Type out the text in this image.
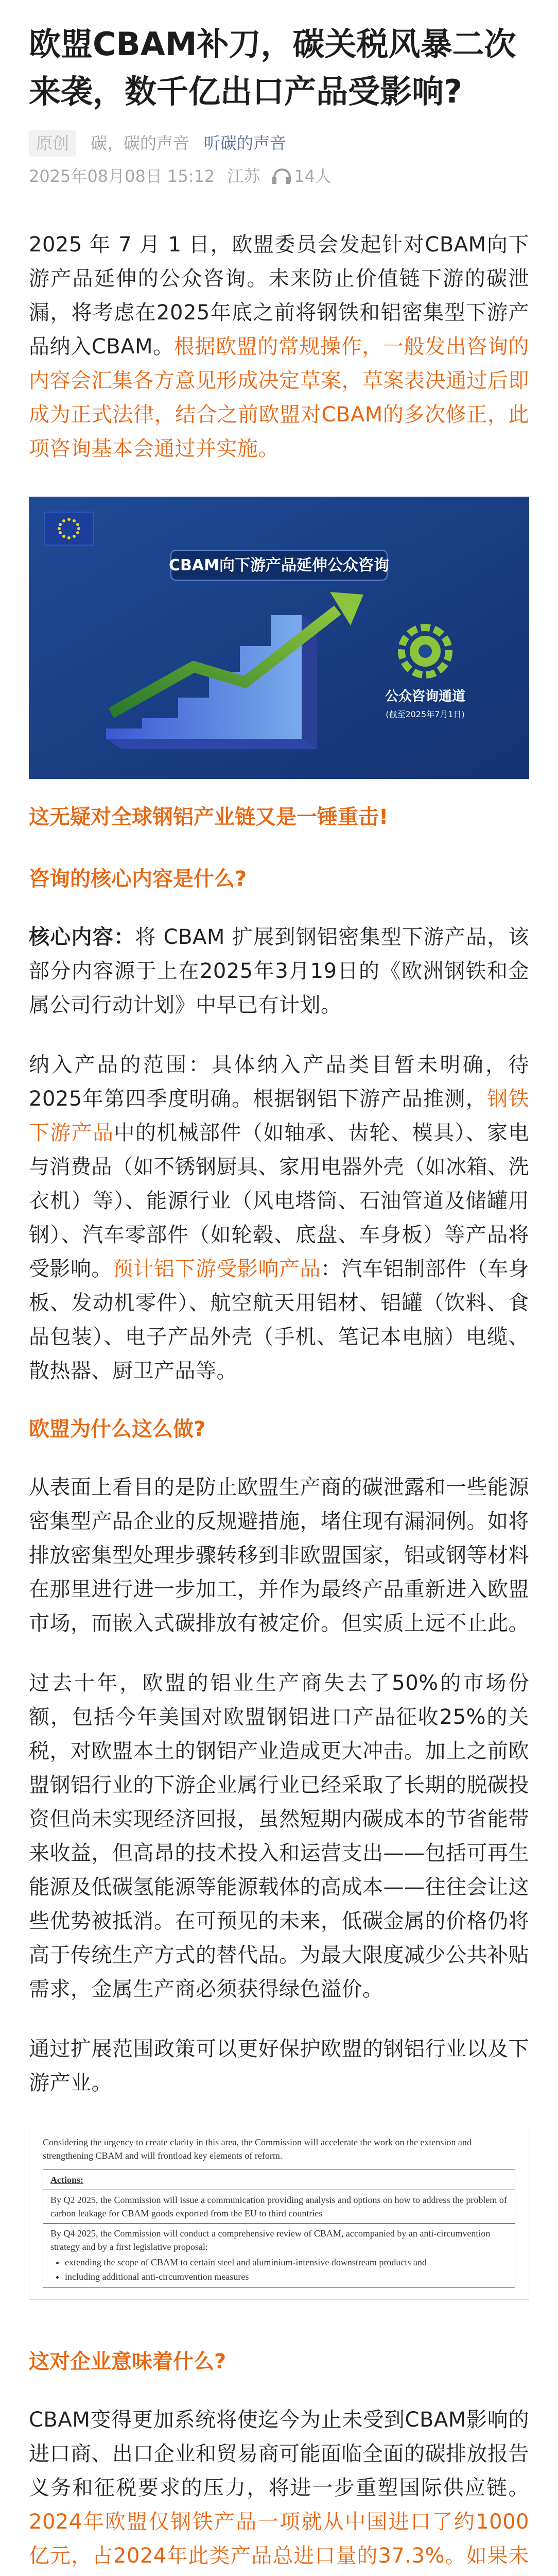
欧盟CBAM补刀，碳关税风暴二次来袭，数千亿出口产品受影响?
原创	碳，碳的声音 听碳的声音
2025年08月08日 15:12 江苏 14人

2025 年 7 月 1 日，欧盟委员会发起针对CBAM向下游产品延伸的公众咨询。未来防止价值链下游的碳泄漏，将考虑在2025年底之前将钢铁和铝密集型下游产品纳入CBAM。根据欧盟的常规操作，一般发出咨询的内容会汇集各方意见形成决定草案，草案表决通过后即成为正式法律，结合之前欧盟对CBAM的多次修正，此项咨询基本会通过并实施。

CBAM向下游产品延伸公众咨询
公众咨询通道
(截至2025年7月1日)

这无疑对全球钢铝产业链又是一锤重击!

咨询的核心内容是什么?

核心内容：将 CBAM 扩展到钢铝密集型下游产品，该部分内容源于上在2025年3月19日的《欧洲钢铁和金属公司行动计划》中早已有计划。

纳入产品的范围：具体纳入产品类目暂未明确，待2025年第四季度明确。根据钢铝下游产品推测，钢铁下游产品中的机械部件（如轴承、齿轮、模具）、家电与消费品（如不锈钢厨具、家用电器外壳（如冰箱、洗衣机）等）、能源行业（风电塔筒、石油管道及储罐用钢）、汽车零部件（如轮毂、底盘、车身板）等产品将受影响。预计铝下游受影响产品：汽车铝制部件（车身板、发动机零件）、航空航天用铝材、铝罐（饮料、食品包装）、电子产品外壳（手机、笔记本电脑）电缆、散热器、厨卫产品等。

欧盟为什么这么做?

从表面上看目的是防止欧盟生产商的碳泄露和一些能源密集型产品企业的反规避措施，堵住现有漏洞例。如将排放密集型处理步骤转移到非欧盟国家，铝或钢等材料在那里进行进一步加工，并作为最终产品重新进入欧盟市场，而嵌入式碳排放有被定价。但实质上远不止此。

过去十年，欧盟的铝业生产商失去了50%的市场份额，包括今年美国对欧盟钢铝进口产品征收25%的关税，对欧盟本土的钢铝产业造成更大冲击。加上之前欧盟钢铝行业的下游企业属行业已经采取了长期的脱碳投资但尚未实现经济回报，虽然短期内碳成本的节省能带来收益，但高昂的技术投入和运营支出——包括可再生能源及低碳氢能源等能源载体的高成本——往往会让这些优势被抵消。在可预见的未来，低碳金属的价格仍将高于传统生产方式的替代品。为最大限度减少公共补贴需求，金属生产商必须获得绿色溢价。

通过扩展范围政策可以更好保护欧盟的钢铝行业以及下游产业。

Considering the urgency to create clarity in this area, the Commission will accelerate the work on the extension and strengthening CBAM and will frontload key elements of reform.

Actions:

By Q2 2025, the Commission will issue a communication providing analysis and options on how to address the problem of carbon leakage for CBAM goods exported from the EU to third countries

By Q4 2025, the Commission will conduct a comprehensive review of CBAM, accompanied by an anti-circumvention strategy and by a first legislative proposal:
• extending the scope of CBAM to certain steel and aluminium-intensive downstream products and
• including additional anti-circumvention measures
这对企业意味着什么?

CBAM变得更加系统将使迄今为止未受到CBAM影响的进口商、出口企业和贸易商可能面临全面的碳排放报告义务和征税要求的压力，将进一步重塑国际供应链。2024年欧盟仅钢铁产品一项就从中国进口了约1000亿元，占2024年此类产品总进口量的37.3%。如果未
